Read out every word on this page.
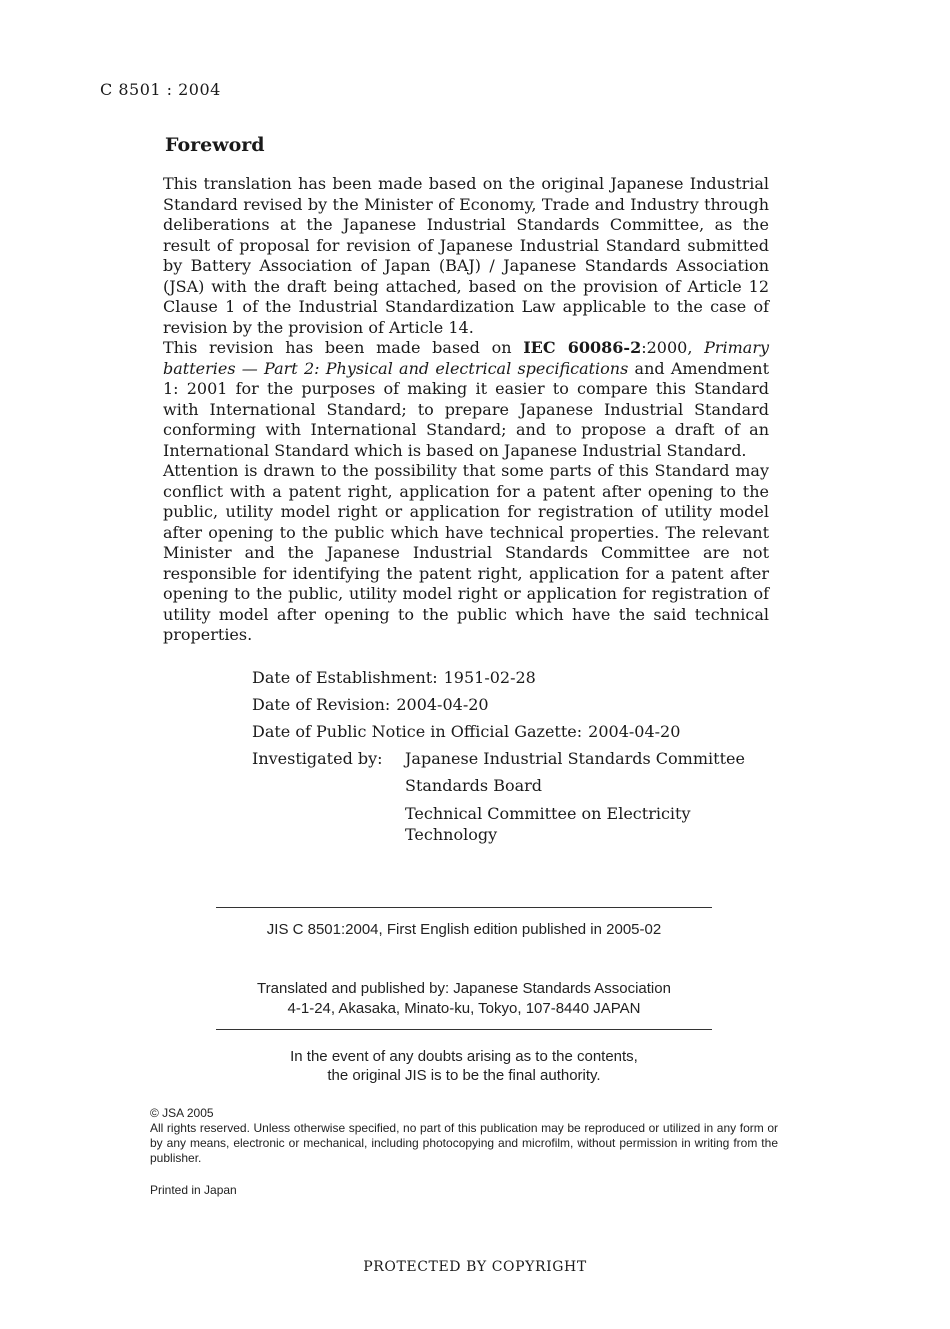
C 8501 : 2004
Foreword

This translation has been made based on the original Japanese Industrial Standard revised by the Minister of Economy, Trade and Industry through deliberations at the Japanese Industrial Standards Committee, as the result of proposal for revision of Japanese Industrial Standard submitted by Battery Association of Japan (BAJ) / Japanese Standards Association (JSA) with the draft being attached, based on the provision of Article 12 Clause 1 of the Industrial Standardization Law applicable to the case of revision by the provision of Article 14.

This revision has been made based on IEC 60086-2:2000, Primary batteries — Part 2: Physical and electrical specifications and Amendment 1: 2001 for the purposes of making it easier to compare this Standard with International Standard; to prepare Japanese Industrial Standard conforming with International Standard; and to propose a draft of an International Standard which is based on Japanese Industrial Standard.

Attention is drawn to the possibility that some parts of this Standard may conflict with a patent right, application for a patent after opening to the public, utility model right or application for registration of utility model after opening to the public which have technical properties. The relevant Minister and the Japanese Industrial Standards Committee are not responsible for identifying the patent right, application for a patent after opening to the public, utility model right or application for registration of utility model after opening to the public which have the said technical properties.

Date of Establishment: 1951-02-28
Date of Revision: 2004-04-20
Date of Public Notice in Official Gazette: 2004-04-20
Investigated by:	Japanese Industrial Standards Committee
Standards Board
Technical Committee on Electricity Technology
JIS C 8501:2004, First English edition published in 2005-02
Translated and published by: Japanese Standards Association
4-1-24, Akasaka, Minato-ku, Tokyo, 107-8440 JAPAN
In the event of any doubts arising as to the contents,
the original JIS is to be the final authority.
© JSA 2005
All rights reserved. Unless otherwise specified, no part of this publication may be reproduced or utilized in any form or by any means, electronic or mechanical, including photocopying and microfilm, without permission in writing from the publisher.
Printed in Japan
PROTECTED BY COPYRIGHT
